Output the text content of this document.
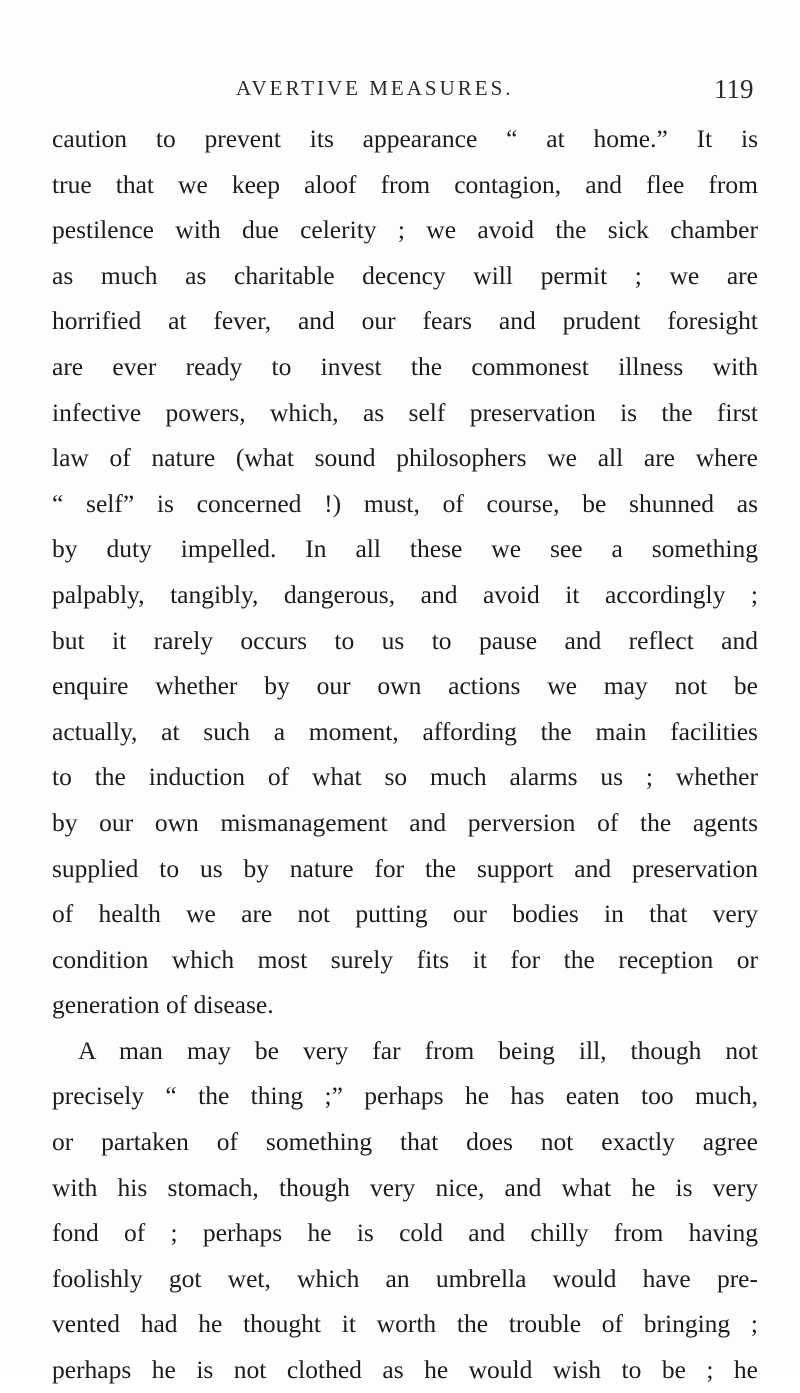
AVERTIVE MEASURES.	119
caution to prevent its appearance “ at home.” It is
true that we keep aloof from contagion, and flee from
pestilence with due celerity ; we avoid the sick chamber
as much as charitable decency will permit ; we are
horrified at fever, and our fears and prudent foresight
are ever ready to invest the commonest illness with
infective powers, which, as self preservation is the first
law of nature (what sound philosophers we all are where
“ self” is concerned !) must, of course, be shunned as
by duty impelled. In all these we see a something
palpably, tangibly, dangerous, and avoid it accordingly ;
but it rarely occurs to us to pause and reflect and
enquire whether by our own actions we may not be
actually, at such a moment, affording the main facilities
to the induction of what so much alarms us ; whether
by our own mismanagement and perversion of the agents
supplied to us by nature for the support and preservation
of health we are not putting our bodies in that very
condition which most surely fits it for the reception or
generation of disease.
A man may be very far from being ill, though not
precisely “ the thing ;” perhaps he has eaten too much,
or partaken of something that does not exactly agree
with his stomach, though very nice, and what he is very
fond of ; perhaps he is cold and chilly from having
foolishly got wet, which an umbrella would have pre-
vented had he thought it worth the trouble of bringing ;
perhaps he is not clothed as he would wish to be ; he
